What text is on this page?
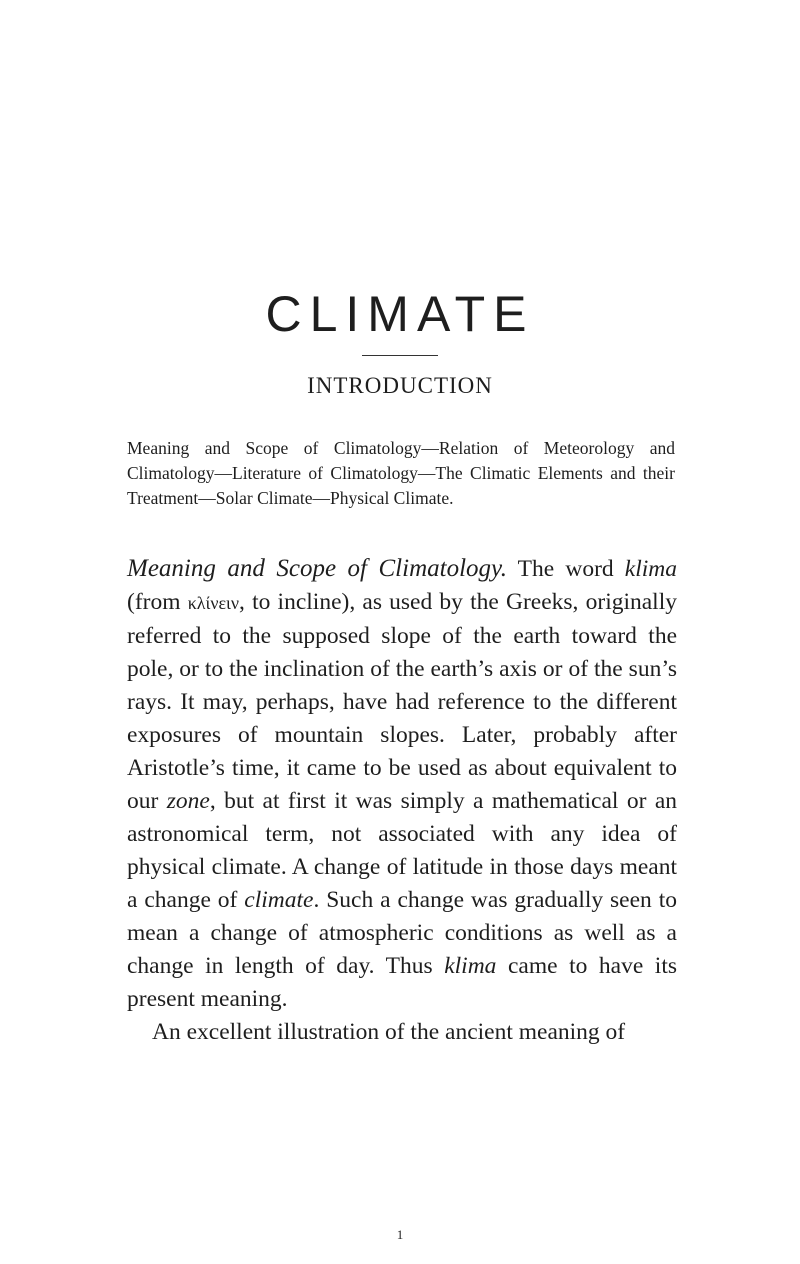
CLIMATE
INTRODUCTION

Meaning and Scope of Climatology—Relation of Meteorology and Climatology—Literature of Climatology—The Climatic Elements and their Treatment—Solar Climate—Physical Climate.

Meaning and Scope of Climatology. The word klima (from κλίνειν, to incline), as used by the Greeks, originally referred to the supposed slope of the earth toward the pole, or to the inclination of the earth’s axis or of the sun’s rays. It may, perhaps, have had reference to the different exposures of mountain slopes. Later, probably after Aristotle’s time, it came to be used as about equivalent to our zone, but at first it was simply a mathematical or an astronomical term, not associated with any idea of physical climate. A change of latitude in those days meant a change of climate. Such a change was gradually seen to mean a change of atmospheric conditions as well as a change in length of day. Thus klima came to have its present meaning.

An excellent illustration of the ancient meaning of

1
